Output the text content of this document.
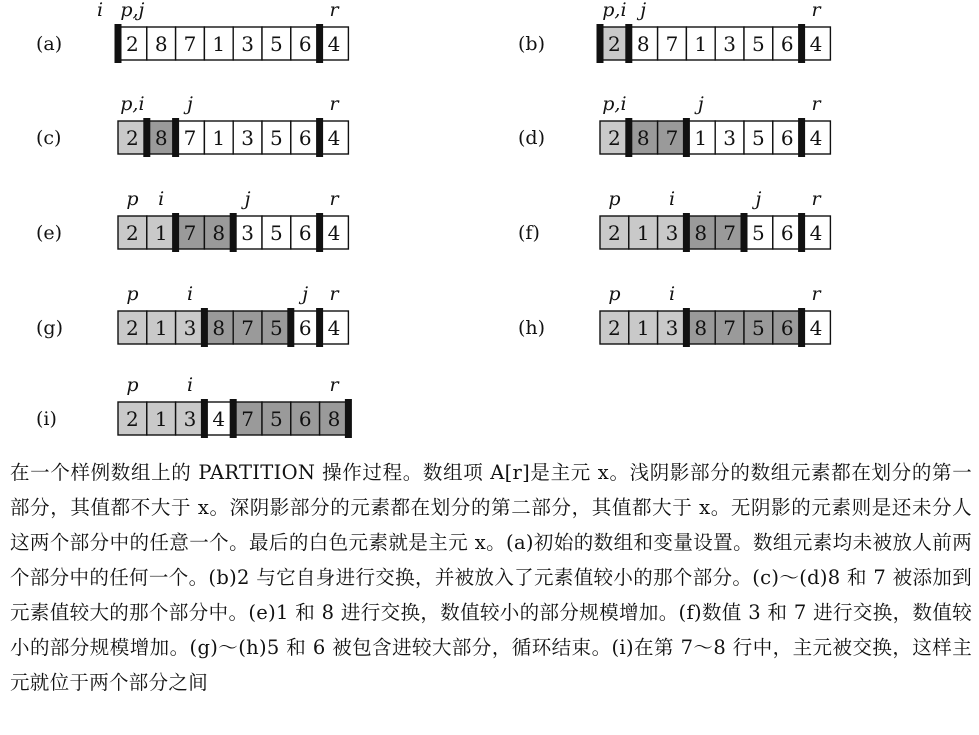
(a)	2 8 7 1 3 5 6 4
i p,j	r
(b)	2 8 7 1 3 5 6 4
p,i j	r
(c)	2 8 7 1 3 5 6 4
p,i j	r
(d)	2 8 7 1 3 5 6 4
p,i	j	r
(e)	2 1 7 8 3 5 6 4
p i	j	r
(f)	2 1 3 8 7 5 6 4
p	i	j	r
(g)	2 1 3 8 7 5 6 4
p	i	j r
(h)	2 1 3 8 7 5 6 4
p	i	r
(i)	2 1 3 4 7 5 6 8
p	i	r
在一个样例数组上的 PARTITION 操作过程。数组项 A[r]是主元 x。浅阴影部分的数组元素都在划分的第一部分，其值都不大于 x。深阴影部分的元素都在划分的第二部分，其值都大于 x。无阴影的元素则是还未分人这两个部分中的任意一个。最后的白色元素就是主元 x。(a)初始的数组和变量设置。数组元素均未被放人前两个部分中的任何一个。(b)2 与它自身进行交换，并被放入了元素值较小的那个部分。(c)～(d)8 和 7 被添加到元素值较大的那个部分中。(e)1 和 8 进行交换，数值较小的部分规模增加。(f)数值 3 和 7 进行交换，数值较小的部分规模增加。(g)～(h)5 和 6 被包含进较大部分，循环结束。(i)在第 7～8 行中，主元被交换，这样主元就位于两个部分之间
